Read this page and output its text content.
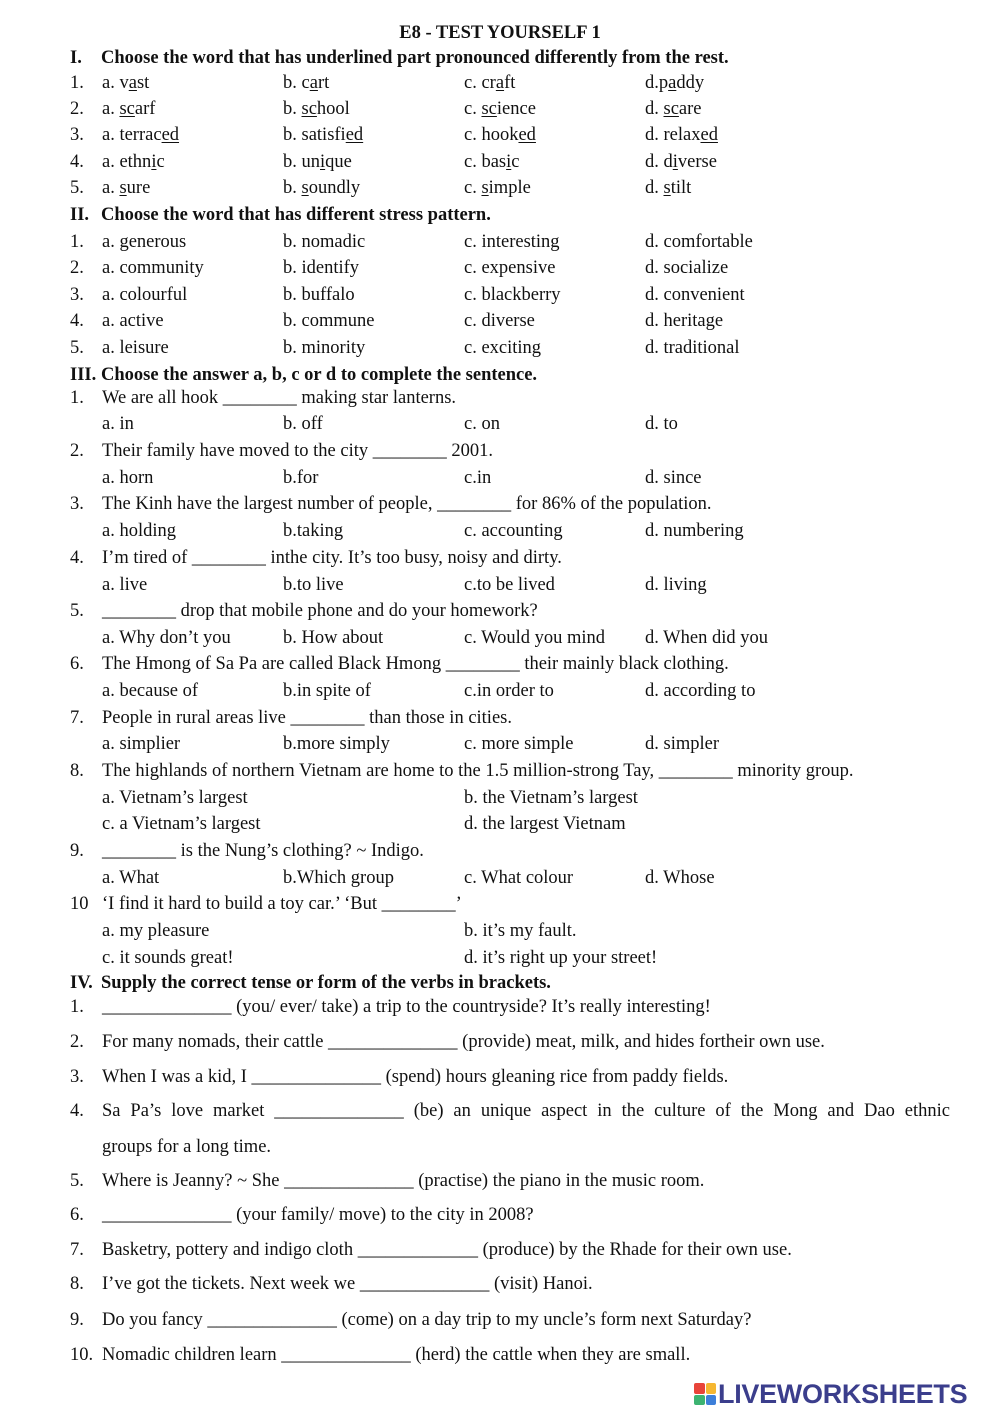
E8 - TEST YOURSELF 1
I. Choose the word that has underlined part pronounced differently from the rest.
1. a. vast	b. cart	c. craft	d.paddy
2. a. scarf	b. school	c. science	d. scare
3. a. terraced	b. satisfied	c. hooked	d. relaxed
4. a. ethnic	b. unique	c. basic	d. diverse
5. a. sure	b. soundly	c. simple	d. stilt
II. Choose the word that has different stress pattern.
1. a. generous	b. nomadic	c. interesting	d. comfortable
2. a. community	b. identify	c. expensive	d. socialize
3. a. colourful	b. buffalo	c. blackberry	d. convenient
4. a. active	b. commune	c. diverse	d. heritage
5. a. leisure	b. minority	c. exciting	d. traditional
III. Choose the answer a, b, c or d to complete the sentence.
1. We are all hook ________ making star lanterns.
a. in	b. off	c. on	d. to
2. Their family have moved to the city ________ 2001.
a. horn	b.for	c.in	d. since
3. The Kinh have the largest number of people, ________ for 86% of the population.
a. holding	b.taking	c. accounting	d. numbering
4. I’m tired of ________ inthe city. It’s too busy, noisy and dirty.
a. live	b.to live	c.to be lived	d. living
5. ________ drop that mobile phone and do your homework?
a. Why don’t you	b. How about	c. Would you mind d. When did you
6. The Hmong of Sa Pa are called Black Hmong ________ their mainly black clothing.
a. because of	b.in spite of	c.in order to	d. according to
7. People in rural areas live ________ than those in cities.
a. simplier	b.more simply	c. more simple	d. simpler
8. The highlands of northern Vietnam are home to the 1.5 million-strong Tay, ________ minority group.
a. Vietnam’s largest	b. the Vietnam’s largest
c. a Vietnam’s largest	d. the largest Vietnam
9. ________ is the Nung’s clothing? ~ Indigo.
a. What	b.Which group	c. What colour	d. Whose
10 ‘I find it hard to build a toy car.’ ‘But ________’
a. my pleasure	b. it’s my fault.
c. it sounds great!	d. it’s right up your street!
IV. Supply the correct tense or form of the verbs in brackets.
1. ______________ (you/ ever/ take) a trip to the countryside? It’s really interesting!
2. For many nomads, their cattle ______________ (provide) meat, milk, and hides fortheir own use.
3. When I was a kid, I ______________ (spend) hours gleaning rice from paddy fields.
4. Sa Pa’s love market ______________ (be) an unique aspect in the culture of the Mong and Dao ethnic
groups for a long time.
5. Where is Jeanny? ~ She ______________ (practise) the piano in the music room.
6. ______________ (your family/ move) to the city in 2008?
7. Basketry, pottery and indigo cloth _____________ (produce) by the Rhade for their own use.
8. I’ve got the tickets. Next week we ______________ (visit) Hanoi.
9. Do you fancy ______________ (come) on a day trip to my uncle’s form next Saturday?
10. Nomadic children learn ______________ (herd) the cattle when they are small.
LIVEWORKSHEETS
